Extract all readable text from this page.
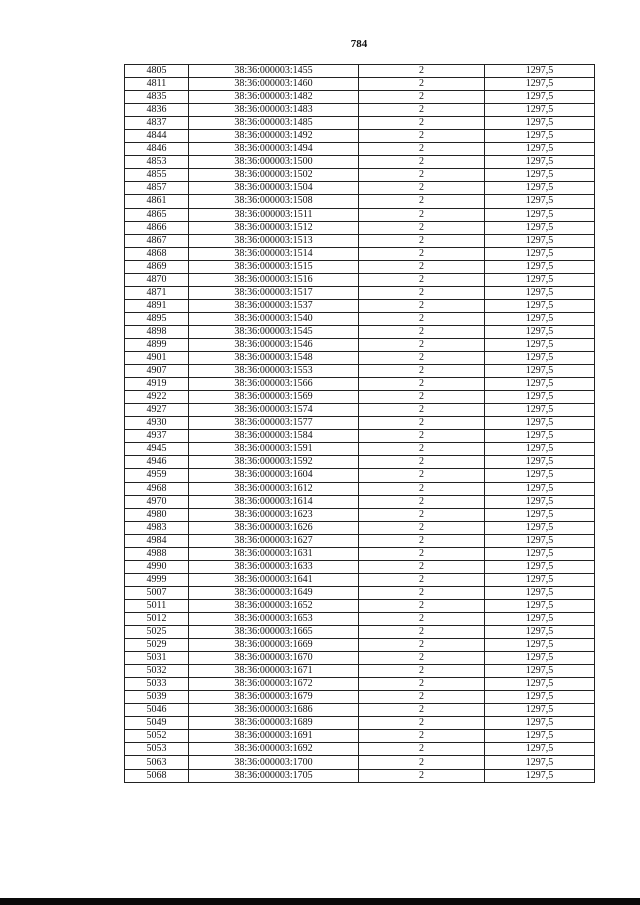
784
4805	38:36:000003:1455	2	1297,5
4811	38:36:000003:1460	2	1297,5
4835	38:36:000003:1482	2	1297,5
4836	38:36:000003:1483	2	1297,5
4837	38:36:000003:1485	2	1297,5
4844	38:36:000003:1492	2	1297,5
4846	38:36:000003:1494	2	1297,5
4853	38:36:000003:1500	2	1297,5
4855	38:36:000003:1502	2	1297,5
4857	38:36:000003:1504	2	1297,5
4861	38:36:000003:1508	2	1297,5
4865	38:36:000003:1511	2	1297,5
4866	38:36:000003:1512	2	1297,5
4867	38:36:000003:1513	2	1297,5
4868	38:36:000003:1514	2	1297,5
4869	38:36:000003:1515	2	1297,5
4870	38:36:000003:1516	2	1297,5
4871	38:36:000003:1517	2	1297,5
4891	38:36:000003:1537	2	1297,5
4895	38:36:000003:1540	2	1297,5
4898	38:36:000003:1545	2	1297,5
4899	38:36:000003:1546	2	1297,5
4901	38:36:000003:1548	2	1297,5
4907	38:36:000003:1553	2	1297,5
4919	38:36:000003:1566	2	1297,5
4922	38:36:000003:1569	2	1297,5
4927	38:36:000003:1574	2	1297,5
4930	38:36:000003:1577	2	1297,5
4937	38:36:000003:1584	2	1297,5
4945	38:36:000003:1591	2	1297,5
4946	38:36:000003:1592	2	1297,5
4959	38:36:000003:1604	2	1297,5
4968	38:36:000003:1612	2	1297,5
4970	38:36:000003:1614	2	1297,5
4980	38:36:000003:1623	2	1297,5
4983	38:36:000003:1626	2	1297,5
4984	38:36:000003:1627	2	1297,5
4988	38:36:000003:1631	2	1297,5
4990	38:36:000003:1633	2	1297,5
4999	38:36:000003:1641	2	1297,5
5007	38:36:000003:1649	2	1297,5
5011	38:36:000003:1652	2	1297,5
5012	38:36:000003:1653	2	1297,5
5025	38:36:000003:1665	2	1297,5
5029	38:36:000003:1669	2	1297,5
5031	38:36:000003:1670	2	1297,5
5032	38:36:000003:1671	2	1297,5
5033	38:36:000003:1672	2	1297,5
5039	38:36:000003:1679	2	1297,5
5046	38:36:000003:1686	2	1297,5
5049	38:36:000003:1689	2	1297,5
5052	38:36:000003:1691	2	1297,5
5053	38:36:000003:1692	2	1297,5
5063	38:36:000003:1700	2	1297,5
5068	38:36:000003:1705	2	1297,5
